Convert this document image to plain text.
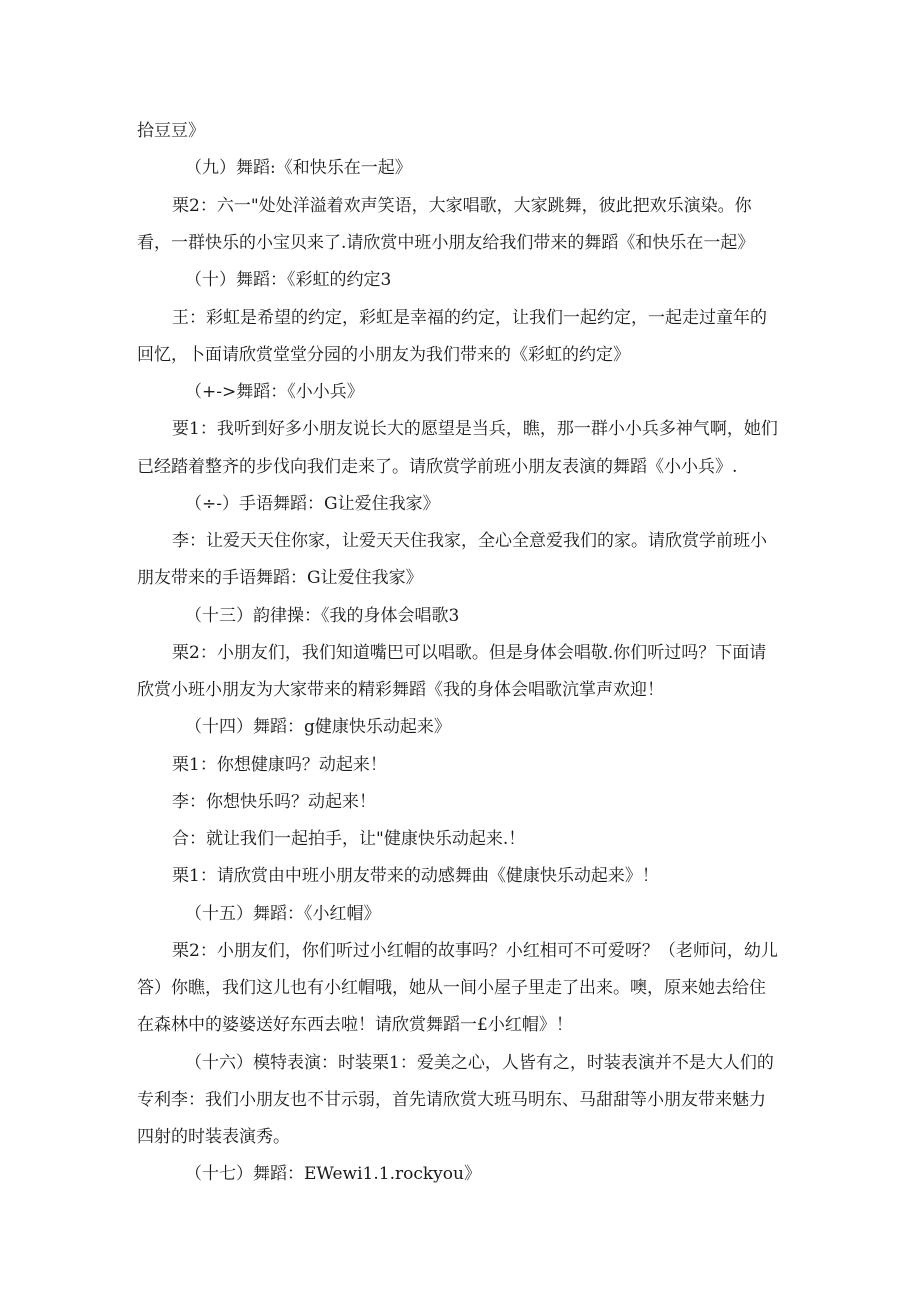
拾豆豆》

（九）舞蹈:《和快乐在一起》

栗2：六一"处处洋溢着欢声笑语，大家唱歌，大家跳舞，彼此把欢乐演染。你

看，一群快乐的小宝贝来了.请欣赏中班小朋友给我们带来的舞蹈《和快乐在一起》

（十）舞蹈：《彩虹的约定3

王：彩虹是希望的约定，彩虹是幸福的约定，让我们一起约定，一起走过童年的

回忆，卜面请欣赏堂堂分园的小朋友为我们带来的《彩虹的约定》

（+->舞蹈：《小小兵》

要1：我听到好多小朋友说长大的愿望是当兵，瞧，那一群小小兵多神气啊，她们

已经踏着整齐的步伐向我们走来了。请欣赏学前班小朋友表演的舞蹈《小小兵》.

（÷-）手语舞蹈：G让爱住我家》

李：让爱天天住你家，让爱天天住我家，全心全意爱我们的家。请欣赏学前班小

朋友带来的手语舞蹈：G让爱住我家》

（十三）韵律操：《我的身体会唱歌3

栗2：小朋友们，我们知道嘴巴可以唱歌。但是身体会唱敬.你们听过吗？下面请

欣赏小班小朋友为大家带来的精彩舞蹈《我的身体会唱歌沆掌声欢迎！

（十四）舞蹈：g健康快乐动起来》

栗1：你想健康吗？动起来！

李：你想快乐吗？动起来！

合：就让我们一起拍手，让"健康快乐动起来.！

栗1：请欣赏由中班小朋友带来的动感舞曲《健康快乐动起来》！

（十五）舞蹈：《小红帽》

栗2：小朋友们，你们听过小红帽的故事吗？小红相可不可爱呀？（老师问，幼儿

答）你瞧，我们这儿也有小红帽哦，她从一间小屋子里走了出来。噢，原来她去给住

在森林中的婆婆送好东西去啦！请欣赏舞蹈一£小红帽》！

（十六）模特表演：时装栗1：爱美之心，人皆有之，时装表演并不是大人们的

专利李：我们小朋友也不甘示弱，首先请欣赏大班马明东、马甜甜等小朋友带来魅力

四射的时装表演秀。

（十七）舞蹈：EWewi1.1.rockyou》
